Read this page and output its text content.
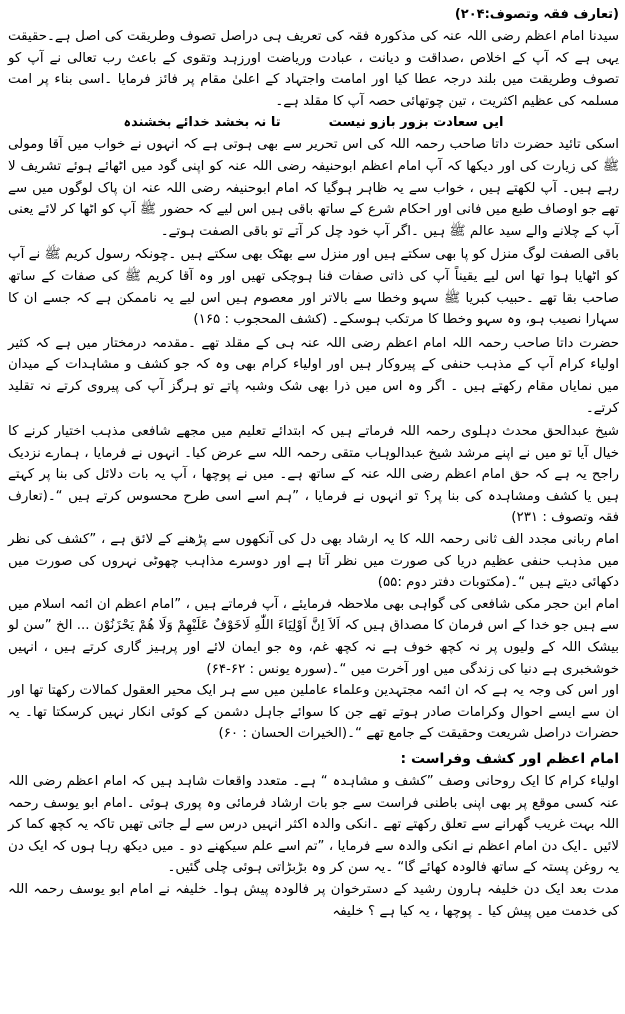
(تعارف فقہ وتصوف:۲۰۴)

سیدنا امام اعظم رضی اللہ عنہ کی مذکورہ فقہ کی تعریف ہی دراصل تصوف وطریقت کی اصل ہے۔حقیقت یہی ہے کہ آپ کے اخلاص ،صداقت و دیانت ، عبادت وریاضت اورزہد وتقوی کے باعث رب تعالی نے آپ کو تصوف وطریقت میں بلند درجہ عطا کیا اور امامت واجتہاد کے اعلیٰ مقام پر فائز فرمایا ۔اسی بناء پر امت مسلمہ کی عظیم اکثریت ، تین چوتھائی حصہ آپ کا مقلد ہے۔

ایں سعادت بزور بازو نیست
تا نہ بخشد خدائے بخشندہ

اسکی تائید حضرت داتا صاحب رحمہ اللہ کی اس تحریر سے بھی ہوتی ہے کہ انہوں نے خواب میں آقا ومولی ﷺ کی زیارت کی اور دیکھا کہ آپ امام اعظم ابوحنیفہ رضی اللہ عنہ کو اپنی گود میں اٹھائے ہوئے تشریف لا رہے ہیں۔ آپ لکھتے ہیں ، خواب سے یہ ظاہر ہوگیا کہ امام ابوحنیفہ رضی اللہ عنہ ان پاک لوگوں میں سے تھے جو اوصاف طبع میں فانی اور احکام شرع کے ساتھ باقی ہیں اس لیے کہ حضور ﷺ آپ کو اٹھا کر لائے یعنی آپ کے چلانے والے سید عالم ﷺ ہیں ۔اگر آپ خود چل کر آتے تو باقی الصفت ہوتے۔

باقی الصفت لوگ منزل کو پا بھی سکتے ہیں اور منزل سے بھٹک بھی سکتے ہیں ۔چونکہ رسول کریم ﷺ نے آپ کو اٹھایا ہوا تھا اس لیے یقیناً آپ کی ذاتی صفات فنا ہوچکی تھیں اور وہ آقا کریم ﷺ کی صفات کے ساتھ صاحب بقا تھے ۔حبیب کبریا ﷺ سہو وخطا سے بالاتر اور معصوم ہیں اس لیے یہ ناممکن ہے کہ جسے ان کا سہارا نصیب ہو، وہ سہو وخطا کا مرتکب ہوسکے۔ (کشف المحجوب : ۱۶۵)

حضرت داتا صاحب رحمہ اللہ امام اعظم رضی اللہ عنہ ہی کے مقلد تھے ۔مقدمہ درمختار میں ہے کہ کثیر اولیاء کرام آپ کے مذہب حنفی کے پیروکار ہیں اور اولیاء کرام بھی وہ کہ جو کشف و مشاہدات کے میدان میں نمایاں مقام رکھتے ہیں ۔ اگر وہ اس میں ذرا بھی شک وشبہ پاتے تو ہرگز آپ کی پیروی کرتے نہ تقلید کرتے۔

شیخ عبدالحق محدث دہلوی رحمہ اللہ فرماتے ہیں کہ ابتدائے تعلیم میں مجھے شافعی مذہب اختیار کرنے کا خیال آیا تو میں نے اپنے مرشد شیخ عبدالوہاب متقی رحمہ اللہ سے عرض کیا۔ انہوں نے فرمایا ، ہمارے نزدیک راجح یہ ہے کہ حق امام اعظم رضی اللہ عنہ کے ساتھ ہے۔ میں نے پوچھا ، آپ یہ بات دلائل کی بنا پر کہتے ہیں یا کشف ومشاہدہ کی بنا پر؟ تو انہوں نے فرمایا ، ”ہم اسے اسی طرح محسوس کرتے ہیں “۔(تعارف فقہ وتصوف : ۲۳۱)

امام ربانی مجدد الف ثانی رحمہ اللہ کا یہ ارشاد بھی دل کی آنکھوں سے پڑھنے کے لائق ہے ، ”کشف کی نظر میں مذہب حنفی عظیم دریا کی صورت میں نظر آتا ہے اور دوسرے مذاہب چھوٹی نہروں کی صورت میں دکھائی دیتے ہیں “۔(مکتوبات دفتر دوم :۵۵)

امام ابن حجر مکی شافعی کی گواہی بھی ملاحظہ فرمایئے ، آپ فرماتے ہیں ، ”امام اعظم ان ائمہ اسلام میں سے ہیں جو خدا کے اس فرمان کا مصداق ہیں کہ اَلاَ اِنَّ اَوْلِیَاءَ اللّٰهِ لَاخَوْفٌ عَلَیْهِمْ وَلَا هُمْ یَحْزَنُوْن ... الخ ”سن لو بیشک اللہ کے ولیوں پر نہ کچھ خوف ہے نہ کچھ غم، وہ جو ایمان لائے اور پرہیز گاری کرتے ہیں ، انہیں خوشخبری ہے دنیا کی زندگی میں اور آخرت میں “۔(سورہ یونس : ۶۲-۶۴)

اور اس کی وجہ یہ ہے کہ ان ائمہ مجتہدین وعلماء عاملین میں سے ہر ایک محیر العقول کمالات رکھتا تھا اور ان سے ایسے احوال وکرامات صادر ہوتے تھے جن کا سوائے جاہل دشمن کے کوئی انکار نہیں کرسکتا تھا۔ یہ حضرات دراصل شریعت وحقیقت کے جامع تھے “۔(الخیرات الحسان : ۶۰)

امام اعظم اور کشف وفراست :

اولیاء کرام کا ایک روحانی وصف ”کشف و مشاہدہ “ ہے۔ متعدد واقعات شاہد ہیں کہ امام اعظم رضی اللہ عنہ کسی موقع پر بھی اپنی باطنی فراست سے جو بات ارشاد فرمائی وہ پوری ہوئی ۔امام ابو یوسف رحمہ اللہ بہت غریب گھرانے سے تعلق رکھتے تھے ۔انکی والدہ اکثر انہیں درس سے لے جاتی تھیں تاکہ یہ کچھ کما کر لائیں ۔ایک دن امام اعظم نے انکی والدہ سے فرمایا ، ”تم اسے علم سیکھنے دو ۔ میں دیکھ رہا ہوں کہ ایک دن یہ روغن پستہ کے ساتھ فالودہ کھائے گا“ ۔یہ سن کر وہ بڑبڑاتی ہوئی چلی گئیں۔

مدت بعد ایک دن خلیفہ ہارون رشید کے دسترخوان پر فالودہ پیش ہوا۔ خلیفہ نے امام ابو یوسف رحمہ اللہ کی خدمت میں پیش کیا ۔ پوچھا ، یہ کیا ہے ؟ خلیفہ
